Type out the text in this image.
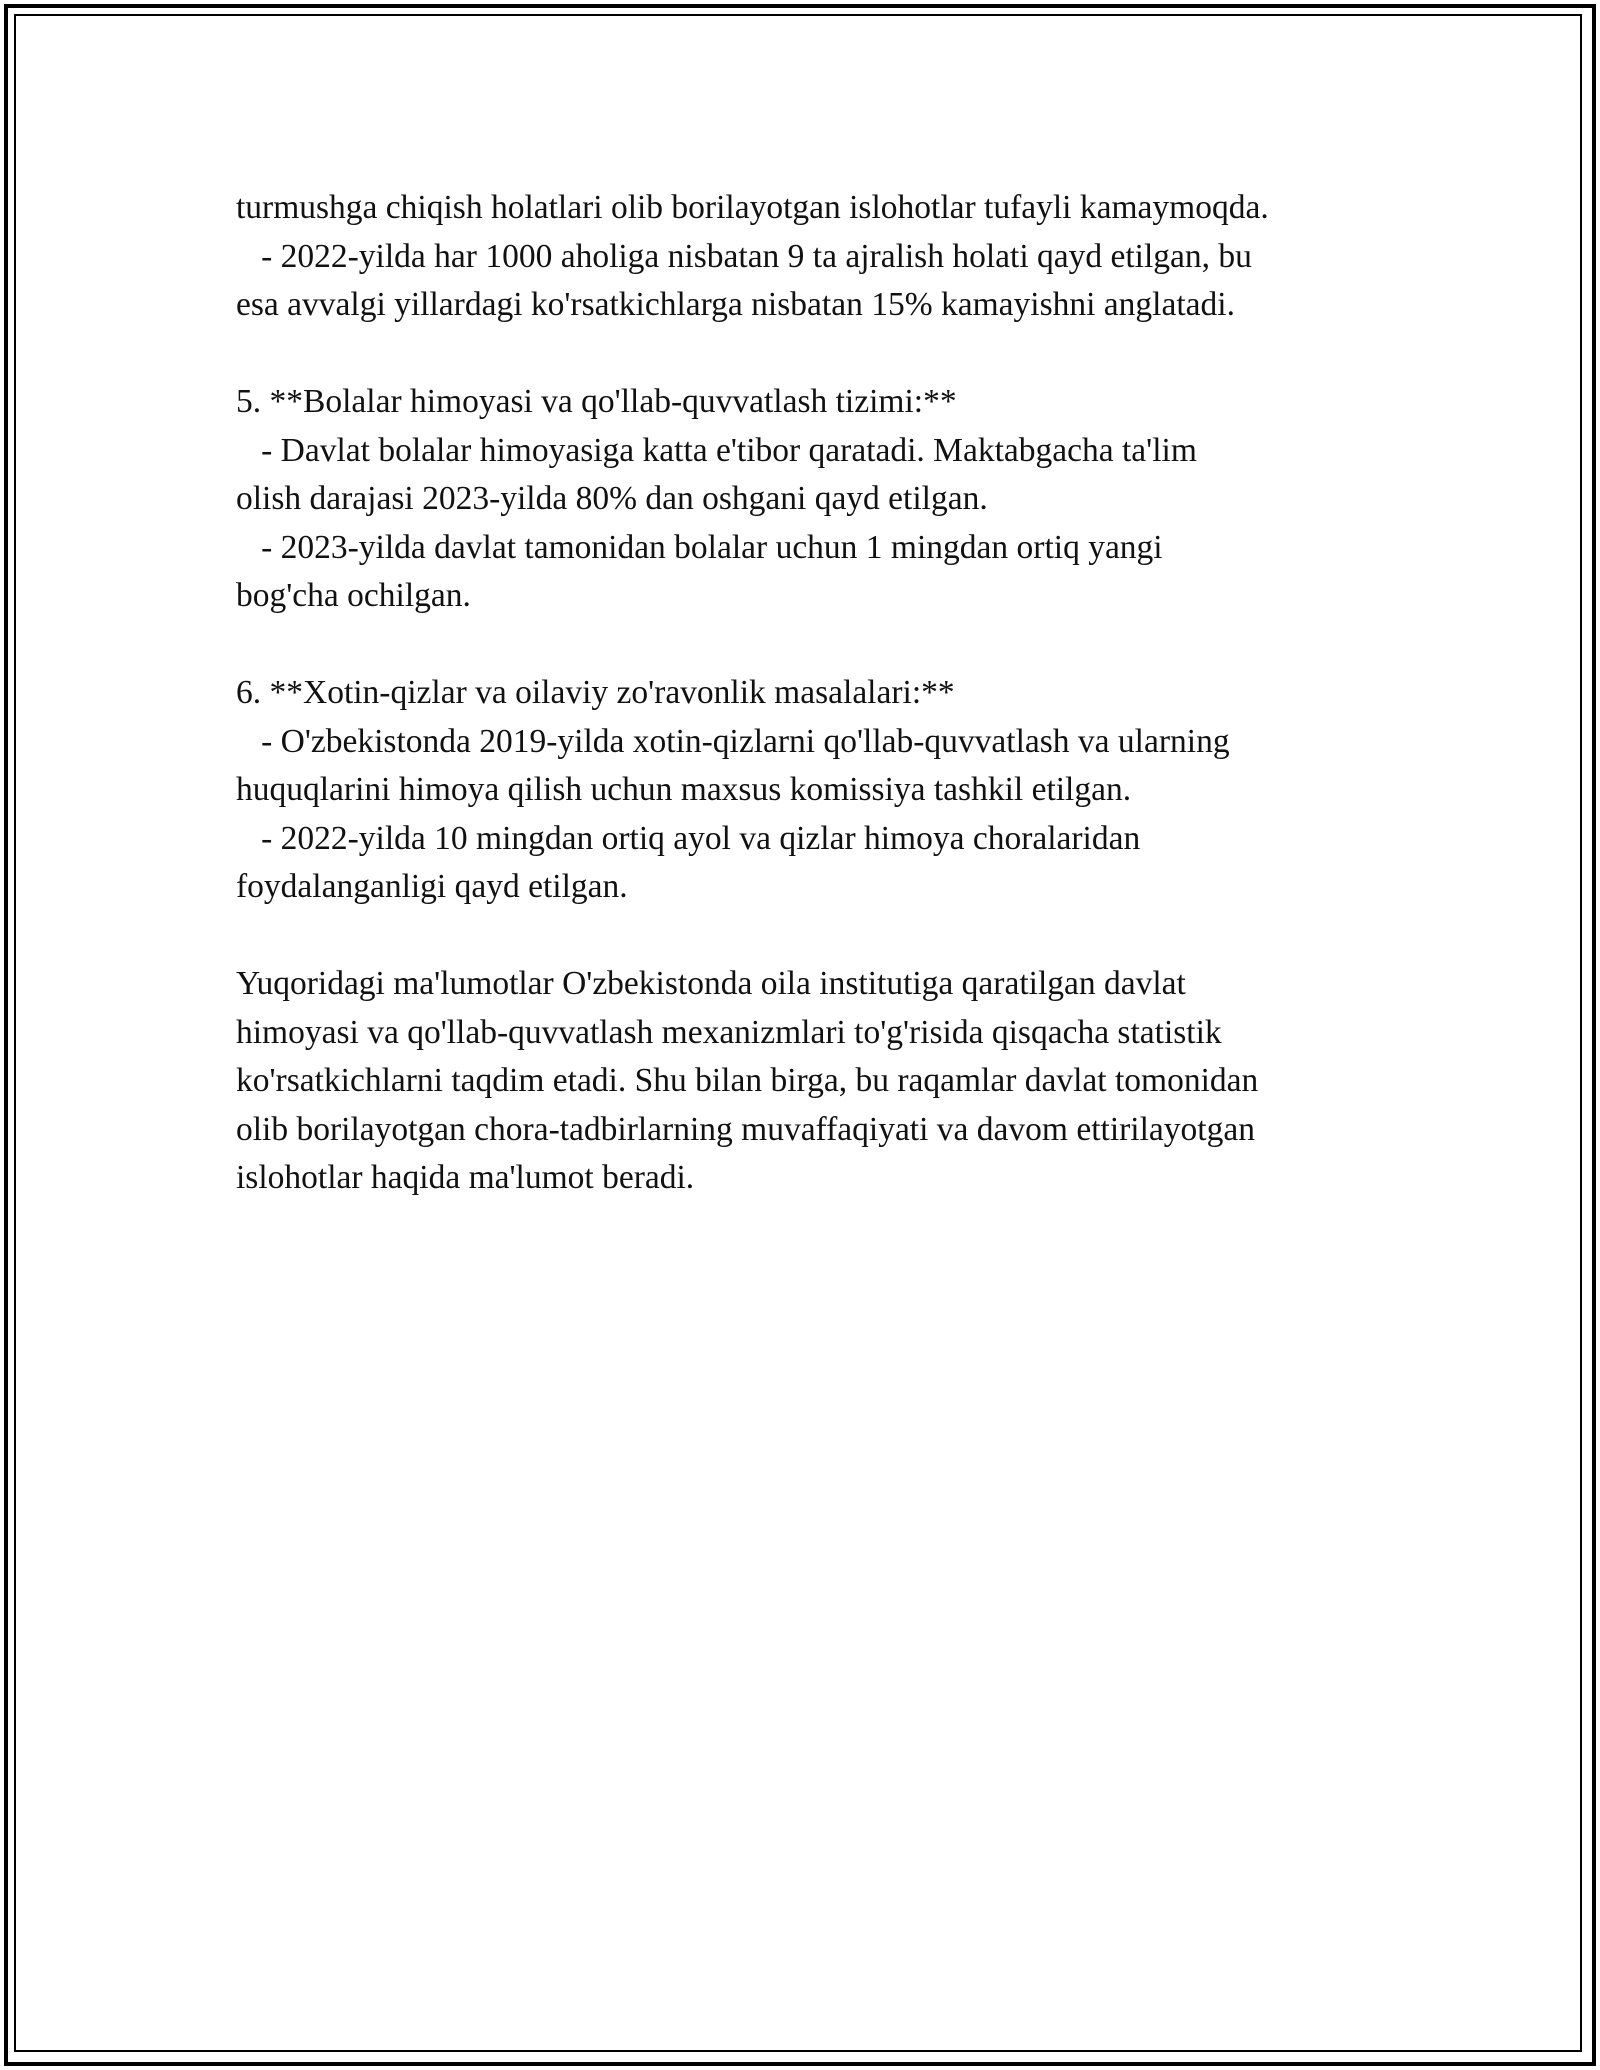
turmushga chiqish holatlari olib borilayotgan islohotlar tufayli kamaymoqda.
- 2022-yilda har 1000 aholiga nisbatan 9 ta ajralish holati qayd etilgan, bu
esa avvalgi yillardagi ko'rsatkichlarga nisbatan 15% kamayishni anglatadi.
5. **Bolalar himoyasi va qo'llab-quvvatlash tizimi:**
- Davlat bolalar himoyasiga katta e'tibor qaratadi. Maktabgacha ta'lim
olish darajasi 2023-yilda 80% dan oshgani qayd etilgan.
- 2023-yilda davlat tamonidan bolalar uchun 1 mingdan ortiq yangi
bog'cha ochilgan.
6. **Xotin-qizlar va oilaviy zo'ravonlik masalalari:**
- O'zbekistonda 2019-yilda xotin-qizlarni qo'llab-quvvatlash va ularning
huquqlarini himoya qilish uchun maxsus komissiya tashkil etilgan.
- 2022-yilda 10 mingdan ortiq ayol va qizlar himoya choralaridan
foydalanganligi qayd etilgan.
Yuqoridagi ma'lumotlar O'zbekistonda oila institutiga qaratilgan davlat
himoyasi va qo'llab-quvvatlash mexanizmlari to'g'risida qisqacha statistik
ko'rsatkichlarni taqdim etadi. Shu bilan birga, bu raqamlar davlat tomonidan
olib borilayotgan chora-tadbirlarning muvaffaqiyati va davom ettirilayotgan
islohotlar haqida ma'lumot beradi.
